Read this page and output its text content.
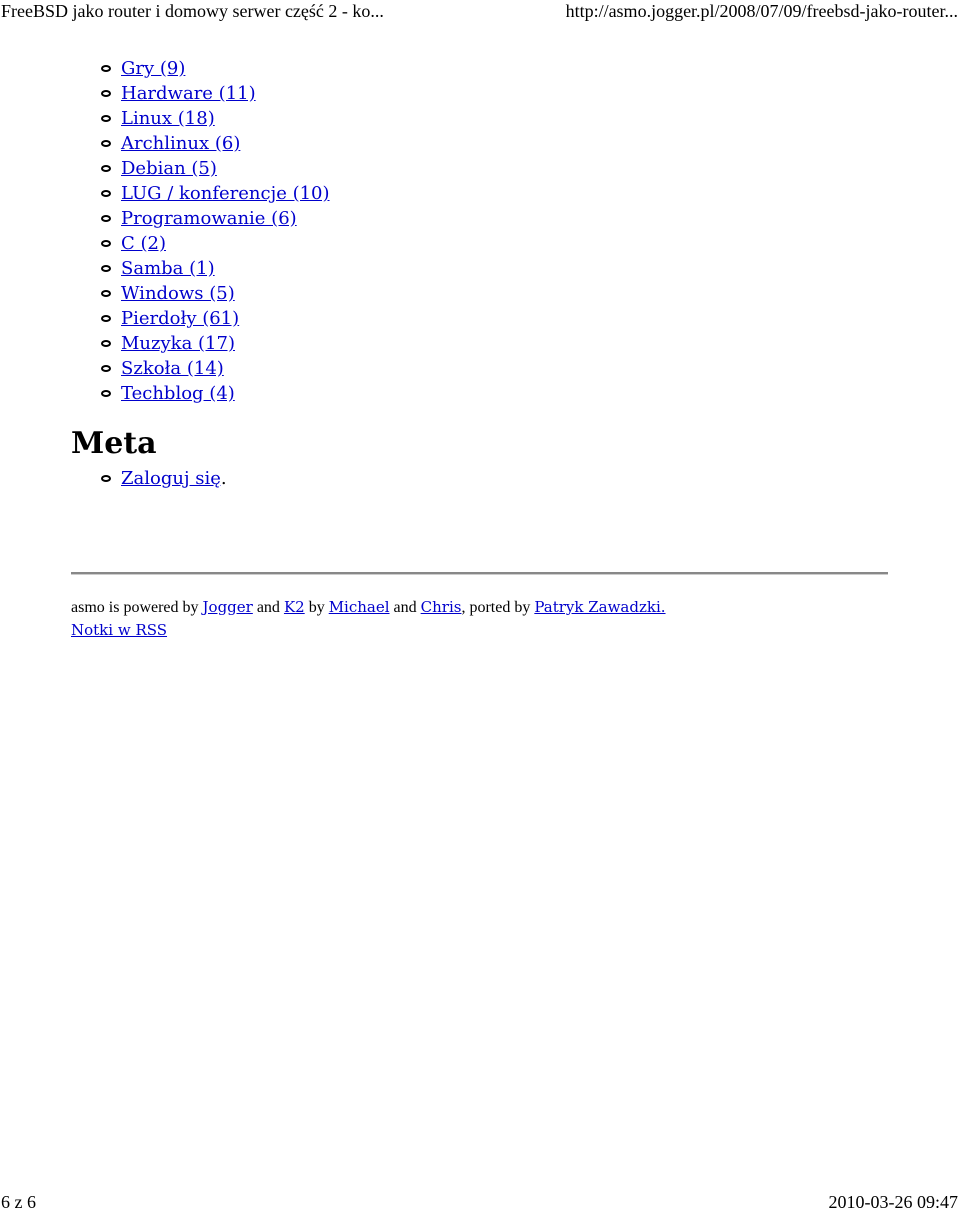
FreeBSD jako router i domowy serwer część 2 - ko...	http://asmo.jogger.pl/2008/07/09/freebsd-jako-router...
Gry (9)
Hardware (11)
Linux (18)
Archlinux (6)
Debian (5)
LUG / konferencje (10)
Programowanie (6)
C (2)
Samba (1)
Windows (5)
Pierdoły (61)
Muzyka (17)
Szkoła (14)
Techblog (4)
Meta
Zaloguj się.
asmo is powered by Jogger and K2 by Michael and Chris, ported by Patryk Zawadzki.
Notki w RSS
6 z 6	2010-03-26 09:47
